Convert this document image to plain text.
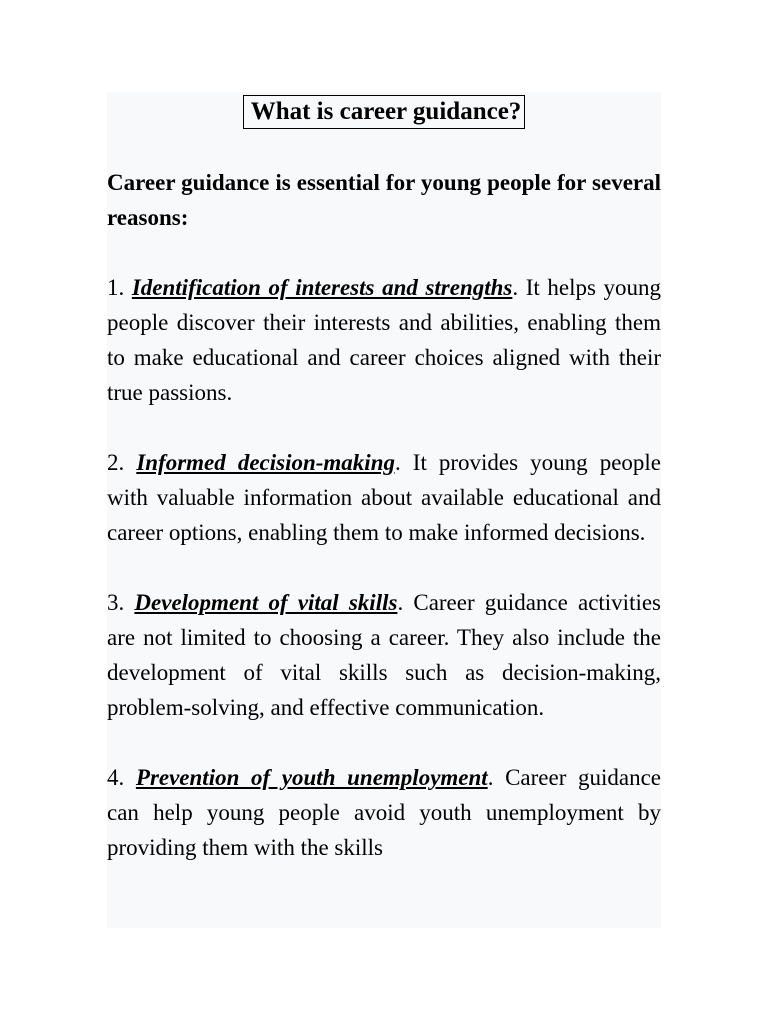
What is career guidance?

Career guidance is essential for young people for several reasons:

1. Identification of interests and strengths. It helps young people discover their interests and abilities, enabling them to make educational and career choices aligned with their true passions.

2. Informed decision-making. It provides young people with valuable information about available educational and career options, enabling them to make informed decisions.

3. Development of vital skills. Career guidance activities are not limited to choosing a career. They also include the development of vital skills such as decision-making, problem-solving, and effective communication.

4. Prevention of youth unemployment. Career guidance can help young people avoid youth unemployment by providing them with the skills
